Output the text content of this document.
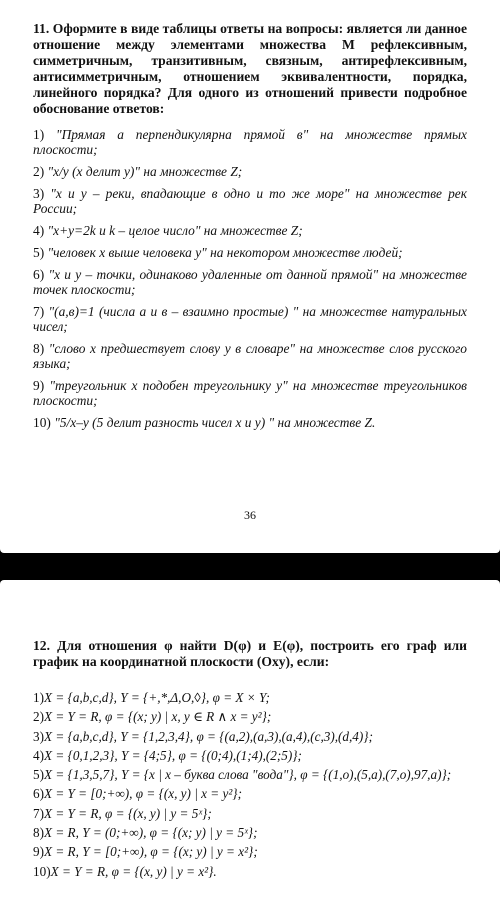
11. Оформите в виде таблицы ответы на вопросы: является ли данное отношение между элементами множества M рефлексивным, симметричным, транзитивным, связным, антирефлексивным, антисимметричным, отношением эквивалентности, порядка, линейного порядка? Для одного из отношений привести подробное обоснование ответов:

1) "Прямая а перпендикулярна прямой в" на множестве прямых плоскости;
2) "x/y (x делит y)" на множестве Z;
3) "x и y – реки, впадающие в одно и то же море" на множестве рек России;
4) "x+y=2k и k – целое число" на множестве Z;
5) "человек x выше человека y" на некотором множестве людей;
6) "x и y – точки, одинаково удаленные от данной прямой" на множестве точек плоскости;
7) "(a,в)=1 (числа a и в – взаимно простые) " на множестве натуральных чисел;
8) "слово x предшествует слову y в словаре" на множестве слов русского языка;
9) "треугольник x подобен треугольнику y" на множестве треугольников плоскости;
10) "5/x–y (5 делит разность чисел x и y) " на множестве Z.
36

12. Для отношения φ найти D(φ) и E(φ), построить его граф или график на координатной плоскости (Oxy), если:

1)X = {a,b,c,d}, Y = {+,*,Δ,O,◊}, φ = X × Y;
2)X = Y = R, φ = {(x; y) | x, y ∈ R ∧ x = y²};
3)X = {a,b,c,d}, Y = {1,2,3,4}, φ = {(a,2),(a,3),(a,4),(c,3),(d,4)};
4)X = {0,1,2,3}, Y = {4;5}, φ = {(0;4),(1;4),(2;5)};
5)X = {1,3,5,7}, Y = {x | x – буква слова "вода"}, φ = {(1,o),(5,a),(7,o),97,a)};
6)X = Y = [0;+∞), φ = {(x, y) | x = y²};
7)X = Y = R, φ = {(x, y) | y = 5ˣ};
8)X = R, Y = (0;+∞), φ = {(x; y) | y = 5ˣ};
9)X = R, Y = [0;+∞), φ = {(x; y) | y = x²};
10)X = Y = R, φ = {(x, y) | y = x²}.
